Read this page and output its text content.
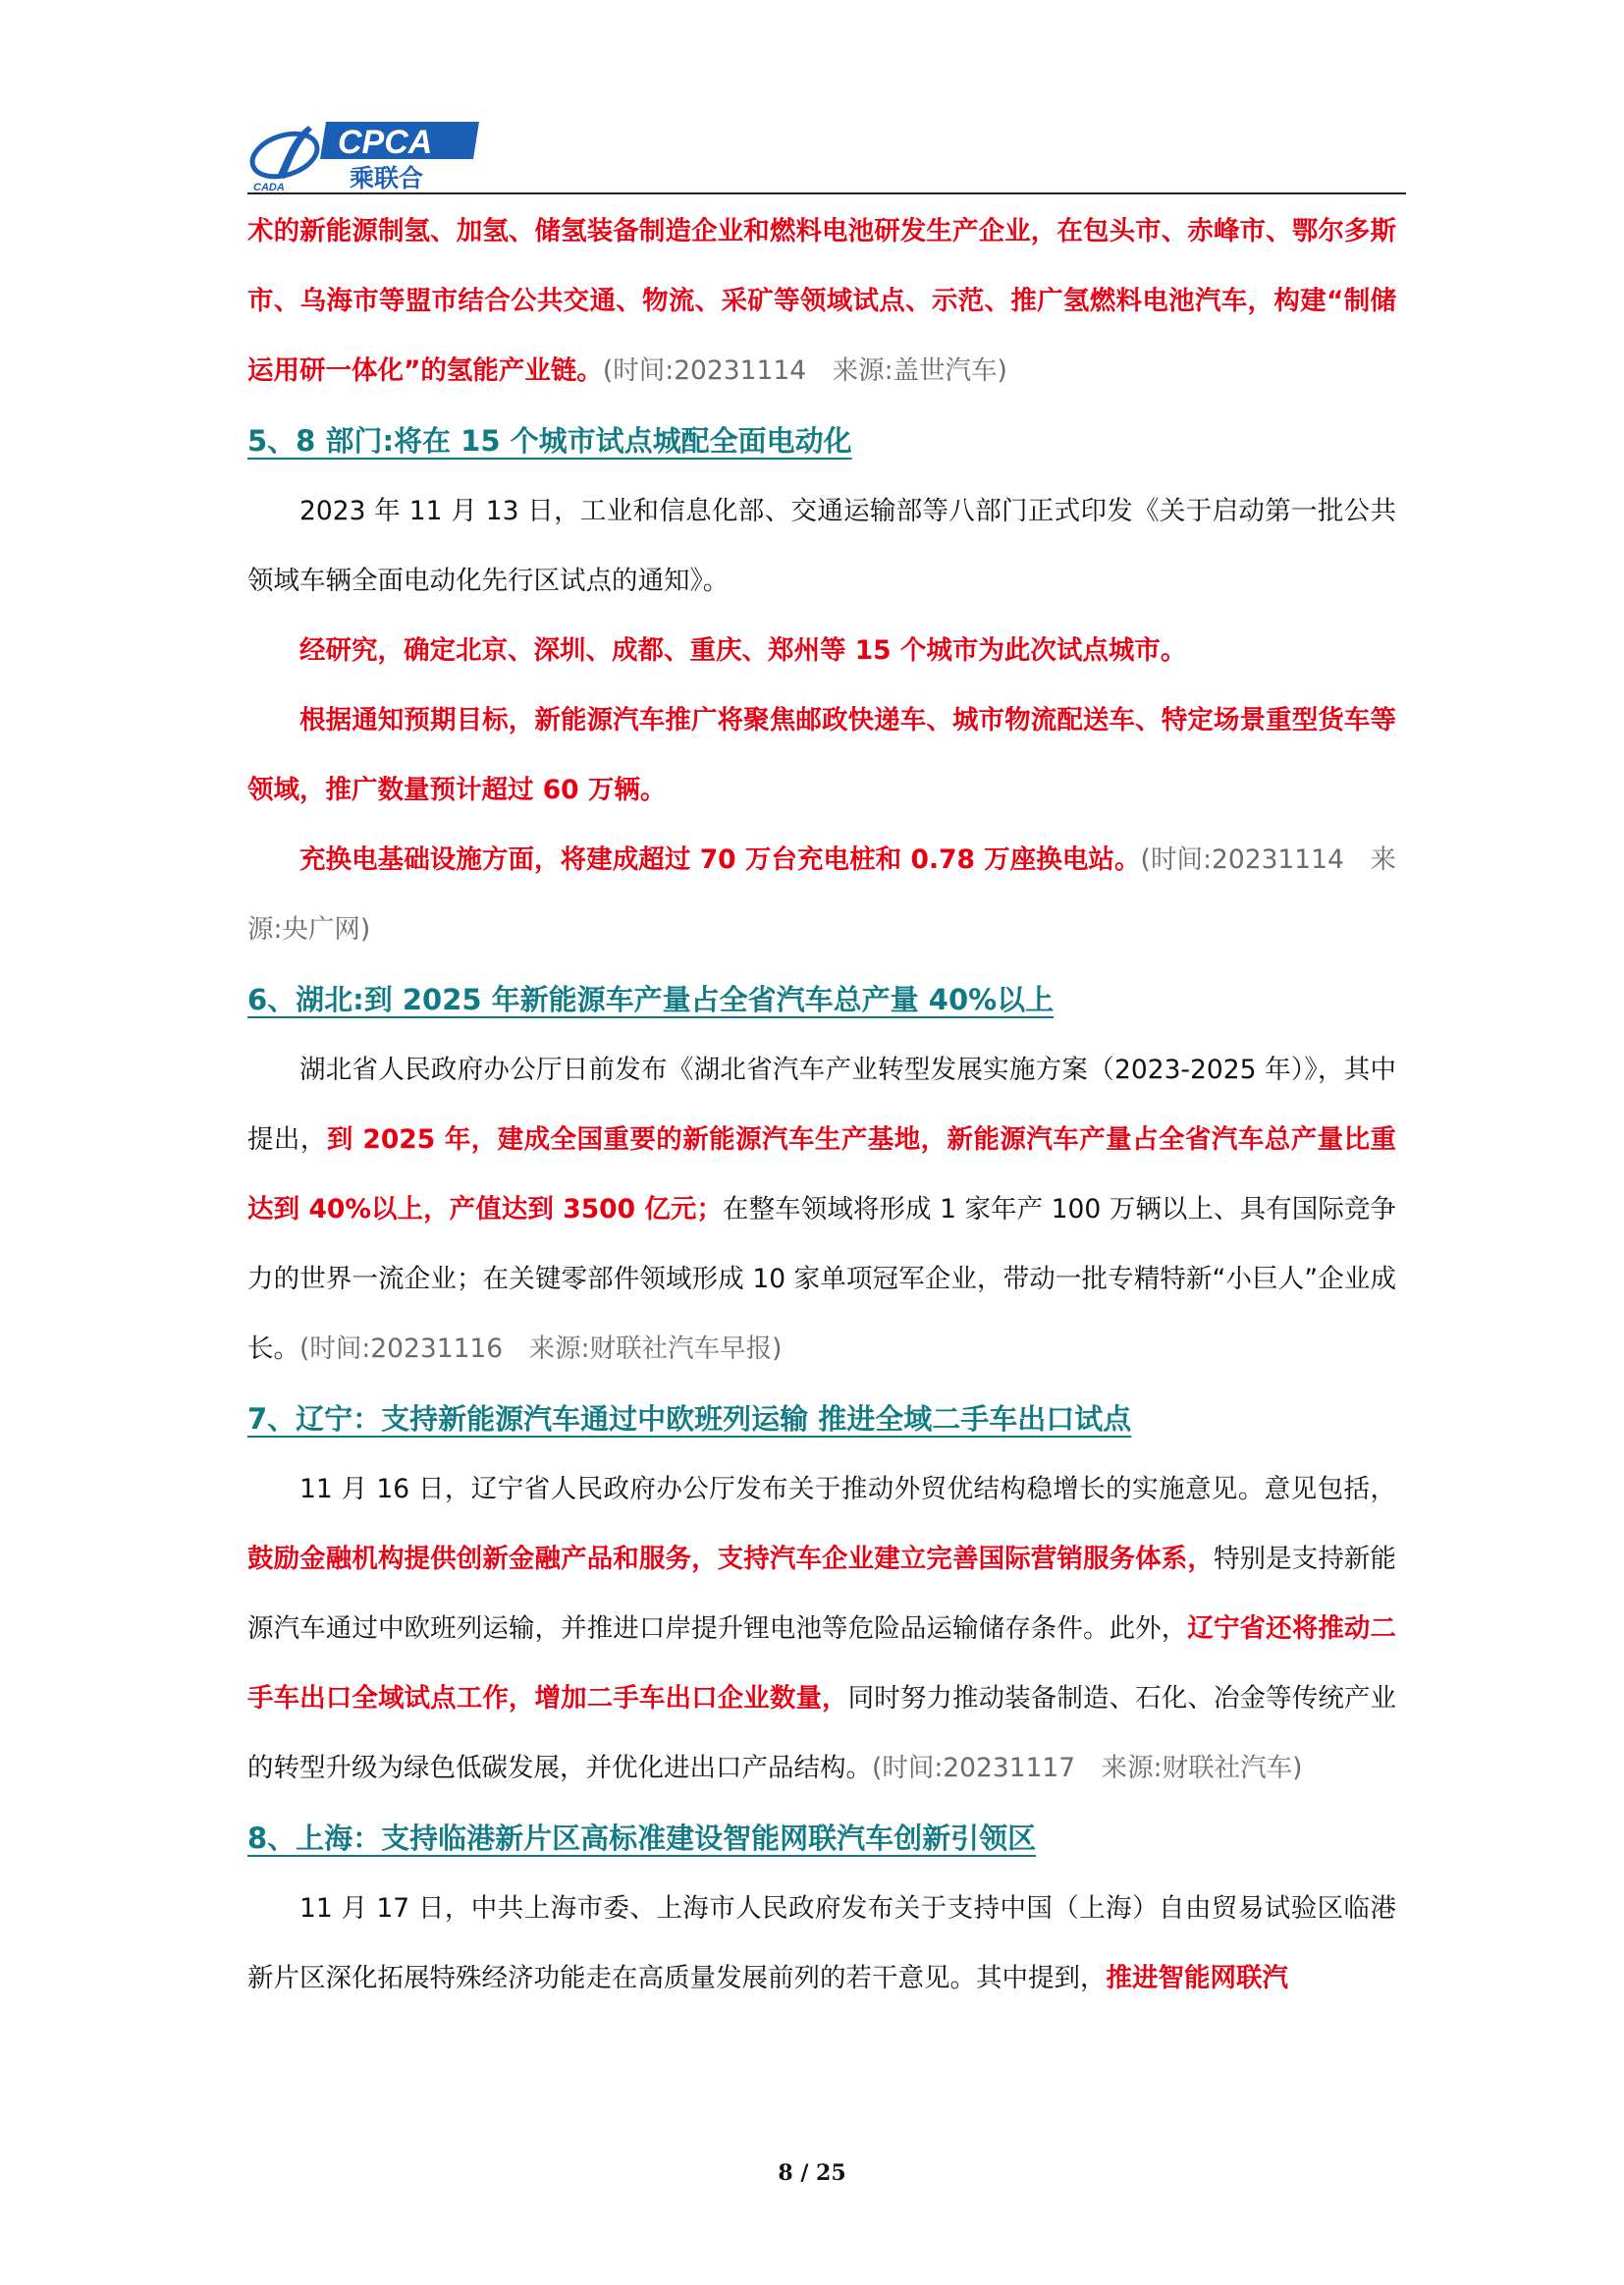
CADA
CPCA
乘联合

术的新能源制氢、加氢、储氢装备制造企业和燃料电池研发生产企业，在包头市、赤峰市、鄂尔多斯市、乌海市等盟市结合公共交通、物流、采矿等领域试点、示范、推广氢燃料电池汽车，构建“制储运用研一体化”的氢能产业链。(时间:20231114　来源:盖世汽车)

5、8 部门:将在 15 个城市试点城配全面电动化

2023 年 11 月 13 日，工业和信息化部、交通运输部等八部门正式印发《关于启动第一批公共领域车辆全面电动化先行区试点的通知》。

经研究，确定北京、深圳、成都、重庆、郑州等 15 个城市为此次试点城市。

根据通知预期目标，新能源汽车推广将聚焦邮政快递车、城市物流配送车、特定场景重型货车等领域，推广数量预计超过 60 万辆。

充换电基础设施方面，将建成超过 70 万台充电桩和 0.78 万座换电站。(时间:20231114　来源:央广网)

6、湖北:到 2025 年新能源车产量占全省汽车总产量 40%以上

湖北省人民政府办公厅日前发布《湖北省汽车产业转型发展实施方案（2023-2025 年）》，其中提出，到 2025 年，建成全国重要的新能源汽车生产基地，新能源汽车产量占全省汽车总产量比重达到 40%以上，产值达到 3500 亿元；在整车领域将形成 1 家年产 100 万辆以上、具有国际竞争力的世界一流企业；在关键零部件领域形成 10 家单项冠军企业，带动一批专精特新“小巨人”企业成长。(时间:20231116　来源:财联社汽车早报)

7、辽宁：支持新能源汽车通过中欧班列运输 推进全域二手车出口试点

11 月 16 日，辽宁省人民政府办公厅发布关于推动外贸优结构稳增长的实施意见。意见包括，鼓励金融机构提供创新金融产品和服务，支持汽车企业建立完善国际营销服务体系，特别是支持新能源汽车通过中欧班列运输，并推进口岸提升锂电池等危险品运输储存条件。此外，辽宁省还将推动二手车出口全域试点工作，增加二手车出口企业数量，同时努力推动装备制造、石化、冶金等传统产业的转型升级为绿色低碳发展，并优化进出口产品结构。(时间:20231117　来源:财联社汽车)

8、上海：支持临港新片区高标准建设智能网联汽车创新引领区

11 月 17 日，中共上海市委、上海市人民政府发布关于支持中国（上海）自由贸易试验区临港新片区深化拓展特殊经济功能走在高质量发展前列的若干意见。其中提到，推进智能网联汽

8 / 25
